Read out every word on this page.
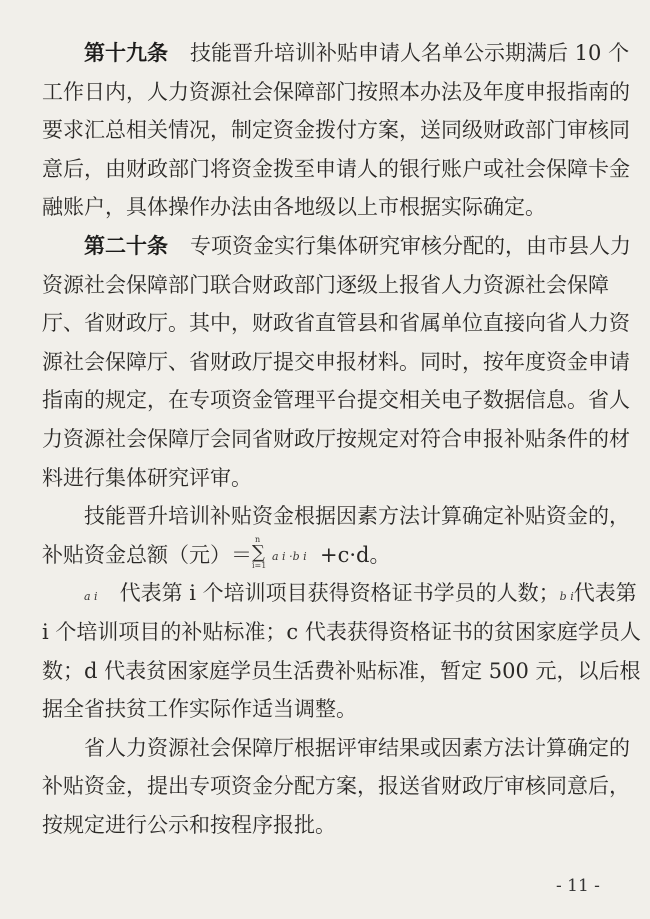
第十九条 技能晋升培训补贴申请人名单公示期满后 10 个
工作日内，人力资源社会保障部门按照本办法及年度申报指南的
要求汇总相关情况，制定资金拨付方案，送同级财政部门审核同
意后，由财政部门将资金拨至申请人的银行账户或社会保障卡金
融账户，具体操作办法由各地级以上市根据实际确定。
第二十条 专项资金实行集体研究审核分配的，由市县人力
资源社会保障部门联合财政部门逐级上报省人力资源社会保障
厅、省财政厅。其中，财政省直管县和省属单位直接向省人力资
源社会保障厅、省财政厅提交申报材料。同时，按年度资金申请
指南的规定，在专项资金管理平台提交相关电子数据信息。省人
力资源社会保障厅会同省财政厅按规定对符合申报补贴条件的材
料进行集体研究评审。
技能晋升培训补贴资金根据因素方法计算确定补贴资金的，
补贴资金总额（元）＝
n
∑
i=1
a i ·b i +c·d。
a i 代表第 i 个培训项目获得资格证书学员的人数；b i代表第
i 个培训项目的补贴标准；c 代表获得资格证书的贫困家庭学员人
数；d 代表贫困家庭学员生活费补贴标准，暂定 500 元，以后根
据全省扶贫工作实际作适当调整。
省人力资源社会保障厅根据评审结果或因素方法计算确定的
补贴资金，提出专项资金分配方案，报送省财政厅审核同意后，
按规定进行公示和按程序报批。
- 11 -
